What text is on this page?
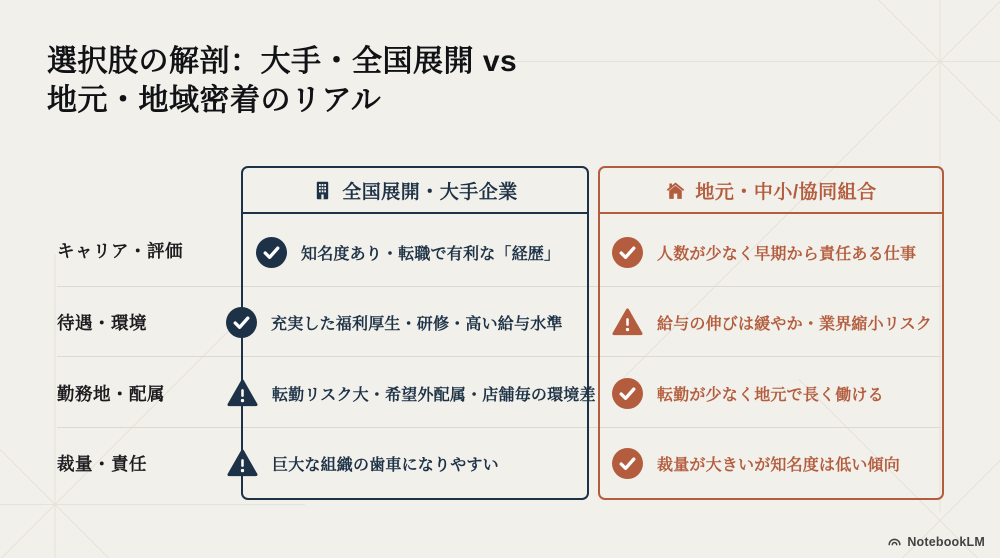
選択肢の解剖：大手・全国展開 vs
地元・地域密着のリアル
キャリア・評価
待遇・環境
勤務地・配属
裁量・責任
全国展開・大手企業	地元・中小/協同組合
知名度あり・転職で有利な「経歴」
充実した福利厚生・研修・高い給与水準
転勤リスク大・希望外配属・店舗毎の環境差
巨大な組織の歯車になりやすい
人数が少なく早期から責任ある仕事
給与の伸びは緩やか・業界縮小リスク
転勤が少なく地元で長く働ける
裁量が大きいが知名度は低い傾向
NotebookLM
